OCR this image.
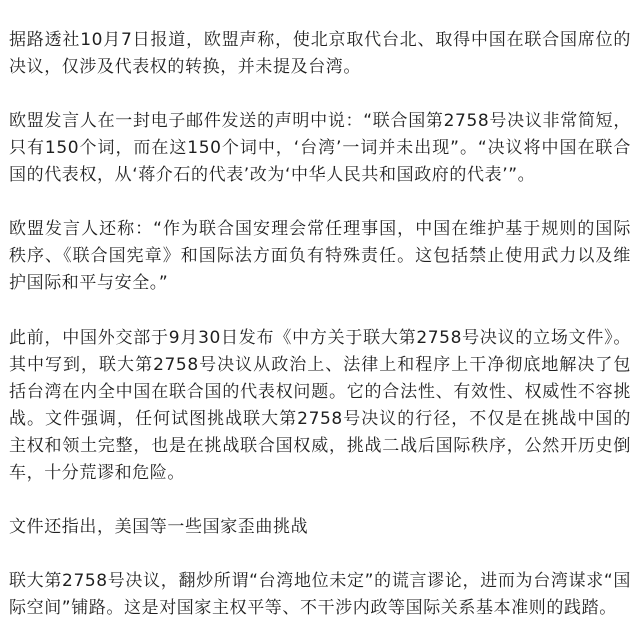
据路透社10月7日报道，欧盟声称，使北京取代台北、取得中国在联合国席位的决议，仅涉及代表权的转换，并未提及台湾。

欧盟发言人在一封电子邮件发送的声明中说：“联合国第2758号决议非常简短，只有150个词，而在这150个词中，‘台湾’一词并未出现”。“决议将中国在联合国的代表权，从‘蒋介石的代表’改为‘中华人民共和国政府的代表’”。

欧盟发言人还称：“作为联合国安理会常任理事国，中国在维护基于规则的国际秩序、《联合国宪章》和国际法方面负有特殊责任。这包括禁止使用武力以及维护国际和平与安全。”

此前，中国外交部于9月30日发布《中方关于联大第2758号决议的立场文件》。其中写到，联大第2758号决议从政治上、法律上和程序上干净彻底地解决了包括台湾在内全中国在联合国的代表权问题。它的合法性、有效性、权威性不容挑战。文件强调，任何试图挑战联大第2758号决议的行径，不仅是在挑战中国的主权和领土完整，也是在挑战联合国权威，挑战二战后国际秩序，公然开历史倒车，十分荒谬和危险。

文件还指出，美国等一些国家歪曲挑战

联大第2758号决议，翻炒所谓“台湾地位未定”的谎言谬论，进而为台湾谋求“国际空间”铺路。这是对国家主权平等、不干涉内政等国际关系基本准则的践踏。
